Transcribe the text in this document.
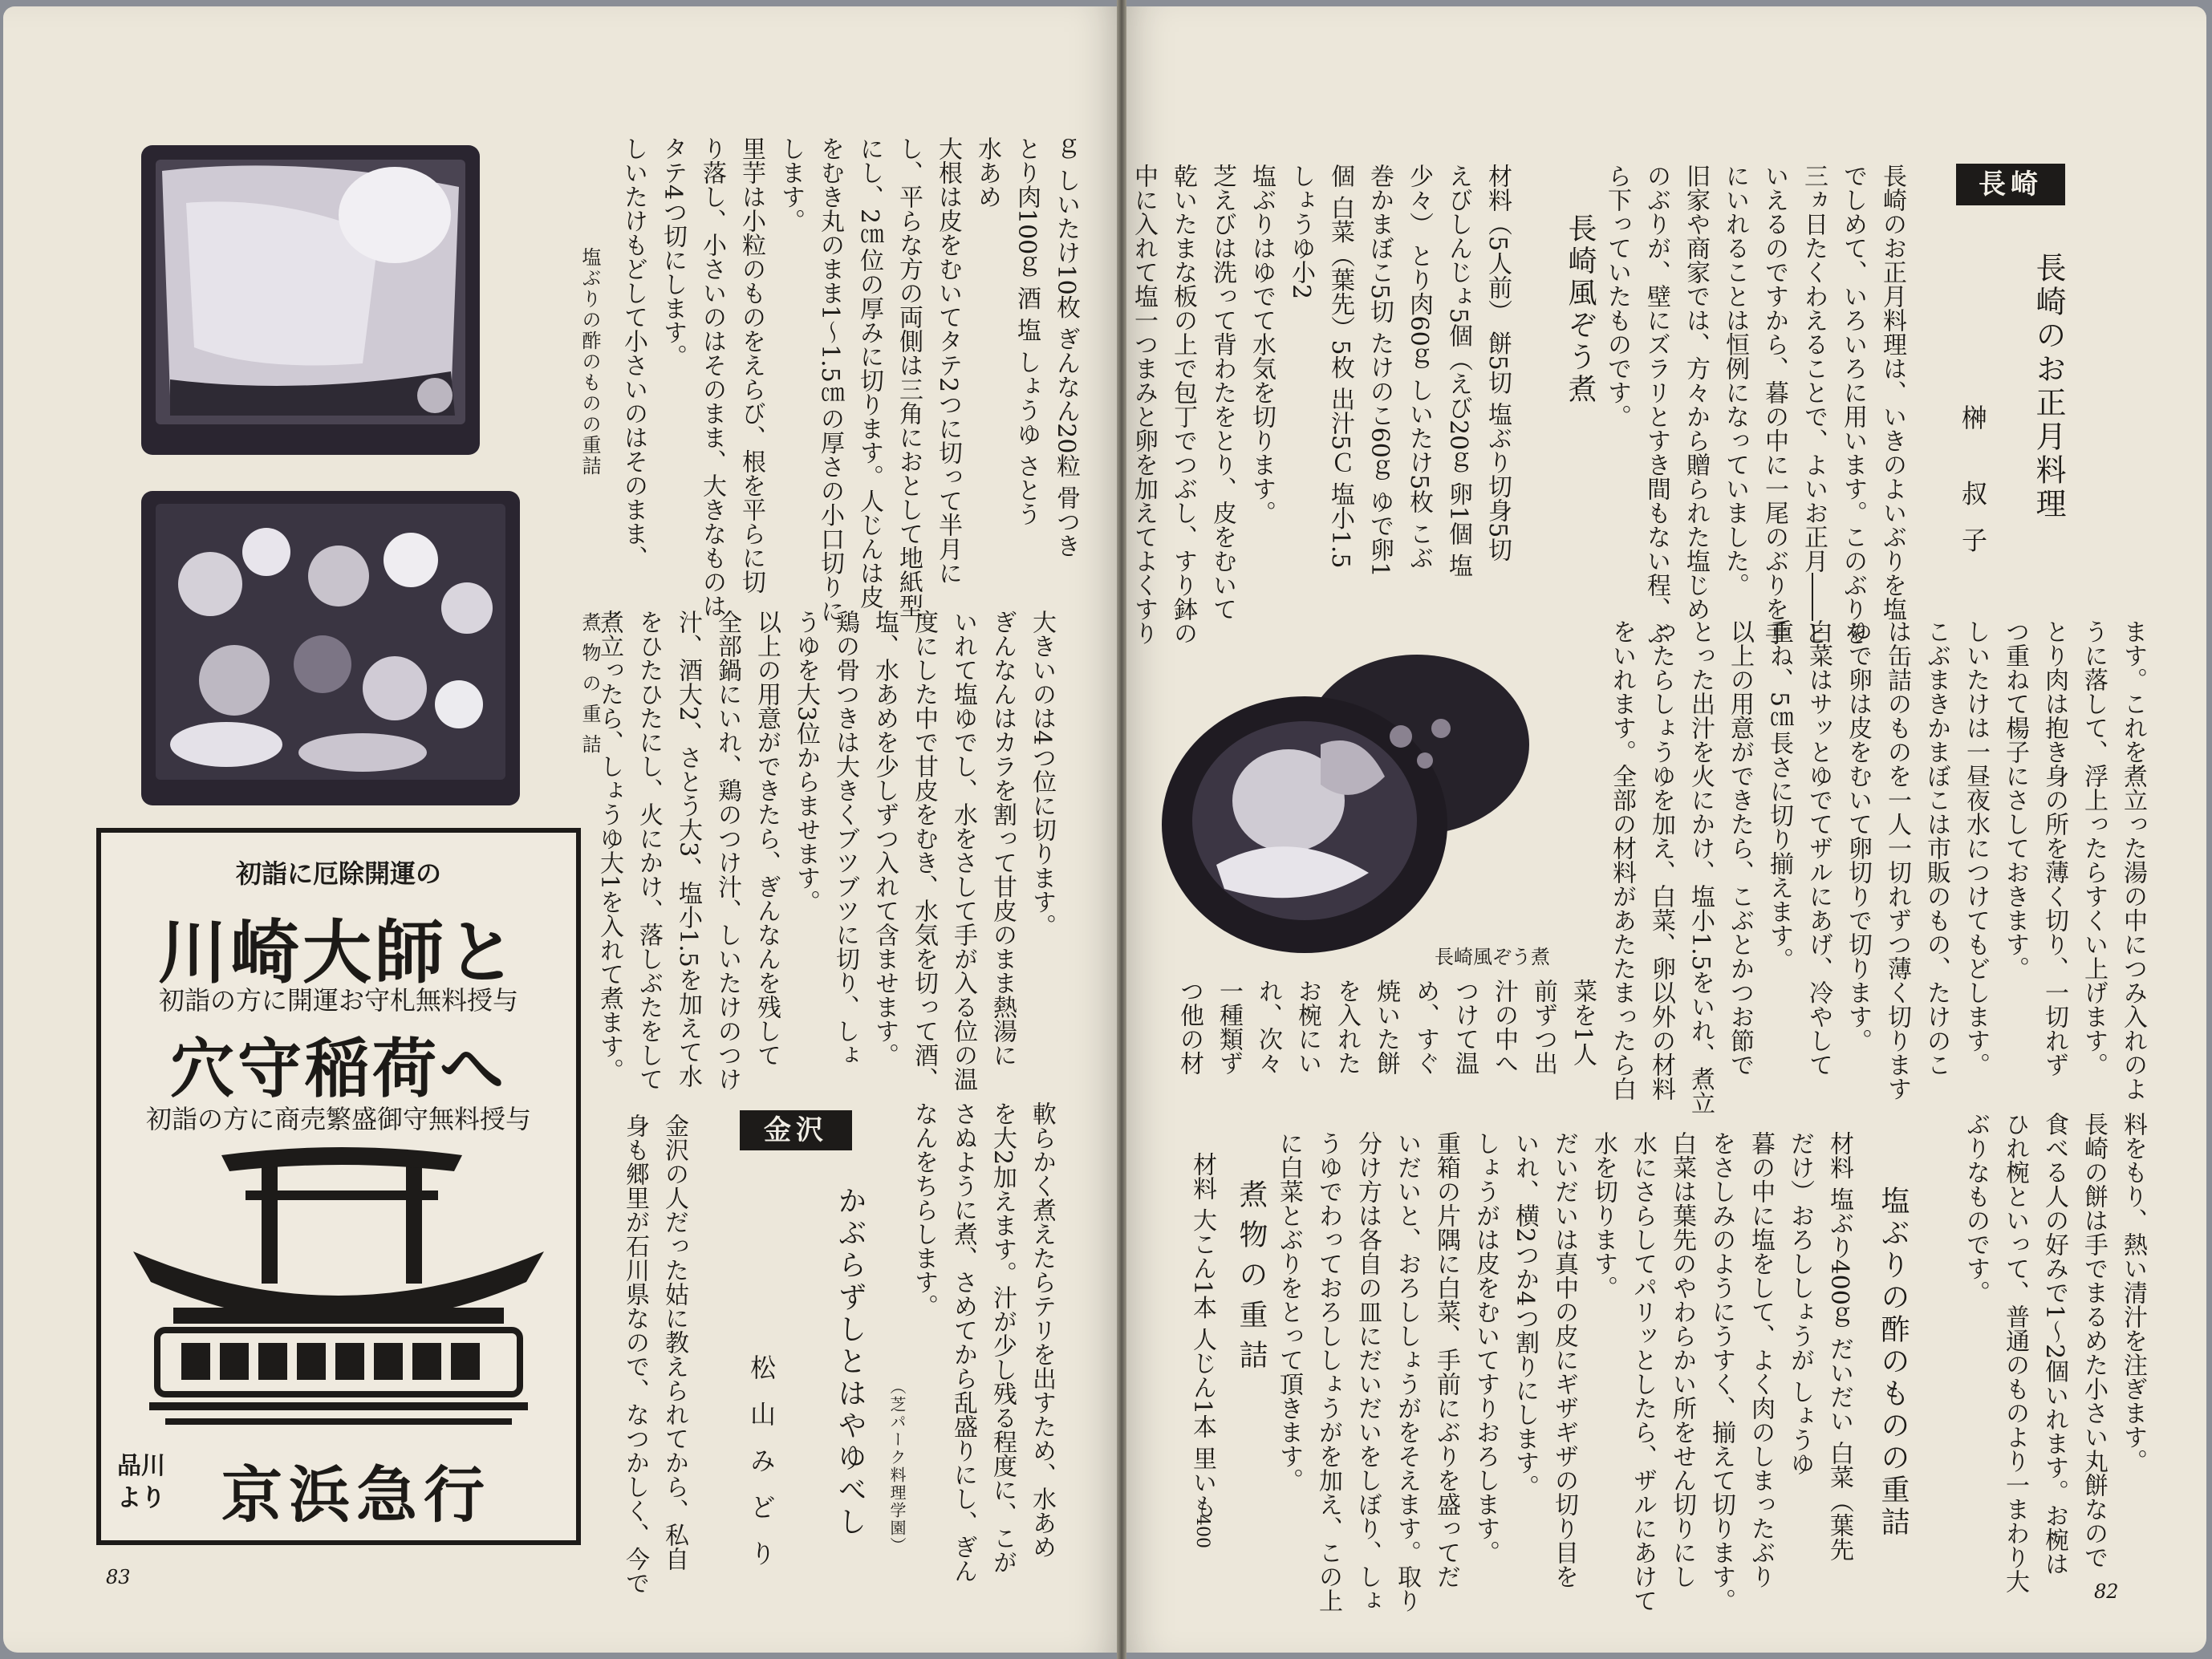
塩ぶりの酢のものの重詰
煮物の重詰
ｇ しいたけ10枚 ぎんなん20粒 骨つき
とり肉100ｇ 酒 塩 しょうゆ さとう
水あめ
大根は皮をむいてタテ2つに切って半月に
し、平らな方の両側は三角におとして地紙型
にし、2㎝位の厚みに切ります。人じんは皮
をむき丸のまま1〜1.5㎝の厚さの小口切りに
します。
里芋は小粒のものをえらび、根を平らに切
り落し、小さいのはそのまま、大きなものは
タテ4つ切にします。
しいたけもどして小さいのはそのまま、
大きいのは4つ位に切ります。
ぎんなんはカラを割って甘皮のまま熱湯に
いれて塩ゆでし、水をさして手が入る位の温
度にした中で甘皮をむき、水気を切って酒、
塩、水あめを少しずつ入れて含ませます。
鶏の骨つきは大きくブツブツに切り、しょ
うゆを大3位からませます。
以上の用意ができたら、ぎんなんを残して
全部鍋にいれ、鶏のつけ汁、しいたけのつけ
汁、酒大2、さとう大3、塩小1.5を加えて水
をひたひたにし、火にかけ、落しぶたをして
煮立ったら、しょうゆ大1を入れて煮ます。
軟らかく煮えたらテリを出すため、水あめ
を大2加えます。汁が少し残る程度に、こが
さぬように煮、さめてから乱盛りにし、ぎん
なんをちらします。
（芝パーク料理学園）
金沢
かぶらずしとはやゆべし
松山みどり
金沢の人だった姑に教えられてから、私自
身も郷里が石川県なので、なつかしく、今で
初詣に厄除開運の
川崎大師と
初詣の方に開運お守札無料授与
穴守稲荷へ
初詣の方に商売繁盛御守無料授与
品川より 京浜急行
83
長崎
長崎のお正月料理
榊 叔子
長崎のお正月料理は、いきのよいぶりを塩
でしめて、いろいろに用います。このぶりを
三ヵ日たくわえることで、よいお正月――と
いえるのですから、暮の中に一尾のぶりを手
にいれることは恒例になっていました。
旧家や商家では、方々から贈られた塩じめ
のぶりが、壁にズラリとすき間もない程、ぶ
ら下っていたものです。
長崎風ぞう煮
材料（5人前） 餅5切 塩ぶり切身5切
えびしんじょ5個（えび20ｇ 卵1個 塩
少々） とり肉60ｇ しいたけ5枚 こぶ
巻かまぼこ5切 たけのこ60ｇ ゆで卵1
個 白菜（葉先）5枚 出汁5Ｃ 塩小1.5
しょうゆ小2
塩ぶりはゆでて水気を切ります。
芝えびは洗って背わたをとり、皮をむいて
乾いたまな板の上で包丁でつぶし、すり鉢の
中に入れて塩一つまみと卵を加えてよくすり
長崎風ぞう煮	ます。これを煮立った湯の中につみ入れのよ
うに落して、浮上ったらすくい上げます。
とり肉は抱き身の所を薄く切り、一切れず
つ重ねて楊子にさしておきます。
しいたけは一昼夜水につけてもどします。
こぶまきかまぼこは市販のもの、たけのこ
は缶詰のものを一人一切れずつ薄く切ります
ゆで卵は皮をむいて卵切りで切ります。
白菜はサッとゆでてザルにあげ、冷やして
重ね、5㎝長さに切り揃えます。
以上の用意ができたら、こぶとかつお節で
とった出汁を火にかけ、塩小1.5をいれ、煮立
ったらしょうゆを加え、白菜、卵以外の材料
をいれます。全部の材料があたたまったら白
菜を1人
前ずつ出
汁の中へ
つけて温
め、すぐ
焼いた餅
を入れた
お椀にい
れ、次々
一種類ず
つ他の材
料をもり、熱い清汁を注ぎます。
長崎の餅は手でまるめた小さい丸餅なので
食べる人の好みで1〜2個いれます。お椀は
ひれ椀といって、普通のものより一まわり大
ぶりなものです。
塩ぶりの酢のものの重詰
材料 塩ぶり400ｇ だいだい 白菜（葉先
だけ）おろししょうが しょうゆ
暮の中に塩をして、よく肉のしまったぶり
をさしみのようにうすく、揃えて切ります。
白菜は葉先のやわらかい所をせん切りにし
水にさらしてパリッとしたら、ザルにあけて
水を切ります。
だいだいは真中の皮にギザギザの切り目を
いれ、横2つか4つ割りにします。
しょうがは皮をむいてすりおろします。
重箱の片隅に白菜、手前にぶりを盛ってだ
いだいと、おろししょうがをそえます。取り
分け方は各自の皿にだいだいをしぼり、しょ
うゆでわっておろししょうがを加え、この上
に白菜とぶりをとって頂きます。
煮物の重詰
材料 大こん1本 人じん1本 里いも
400
82
